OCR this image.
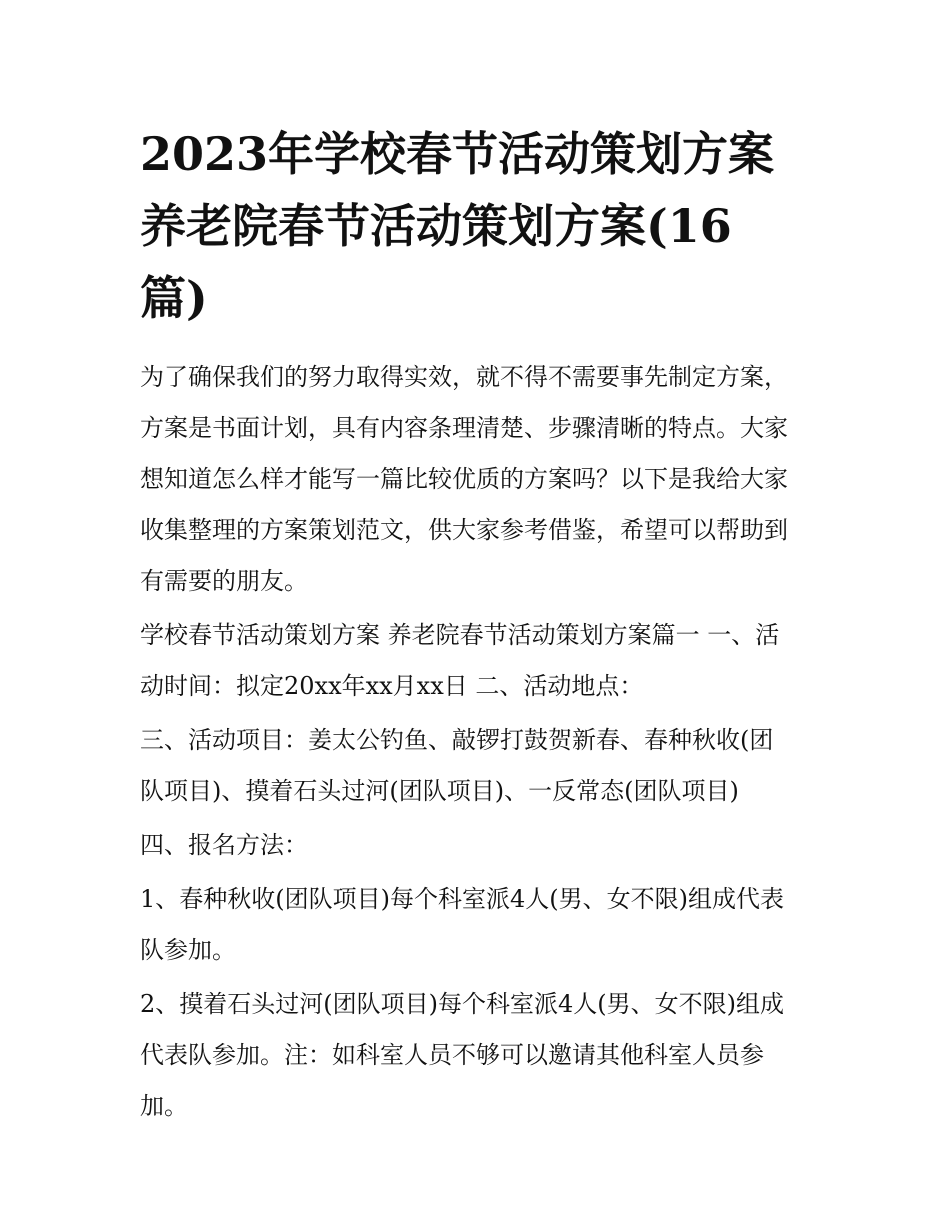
2023年学校春节活动策划方案
养老院春节活动策划方案(16
篇)

为了确保我们的努力取得实效，就不得不需要事先制定方案，
方案是书面计划，具有内容条理清楚、步骤清晰的特点。大家
想知道怎么样才能写一篇比较优质的方案吗？以下是我给大家
收集整理的方案策划范文，供大家参考借鉴，希望可以帮助到
有需要的朋友。

学校春节活动策划方案 养老院春节活动策划方案篇一 一、活
动时间：拟定20xx年xx月xx日 二、活动地点：

三、活动项目：姜太公钓鱼、敲锣打鼓贺新春、春种秋收(团
队项目)、摸着石头过河(团队项目)、一反常态(团队项目)

四、报名方法：

1、春种秋收(团队项目)每个科室派4人(男、女不限)组成代表
队参加。

2、摸着石头过河(团队项目)每个科室派4人(男、女不限)组成
代表队参加。注：如科室人员不够可以邀请其他科室人员参
加。
